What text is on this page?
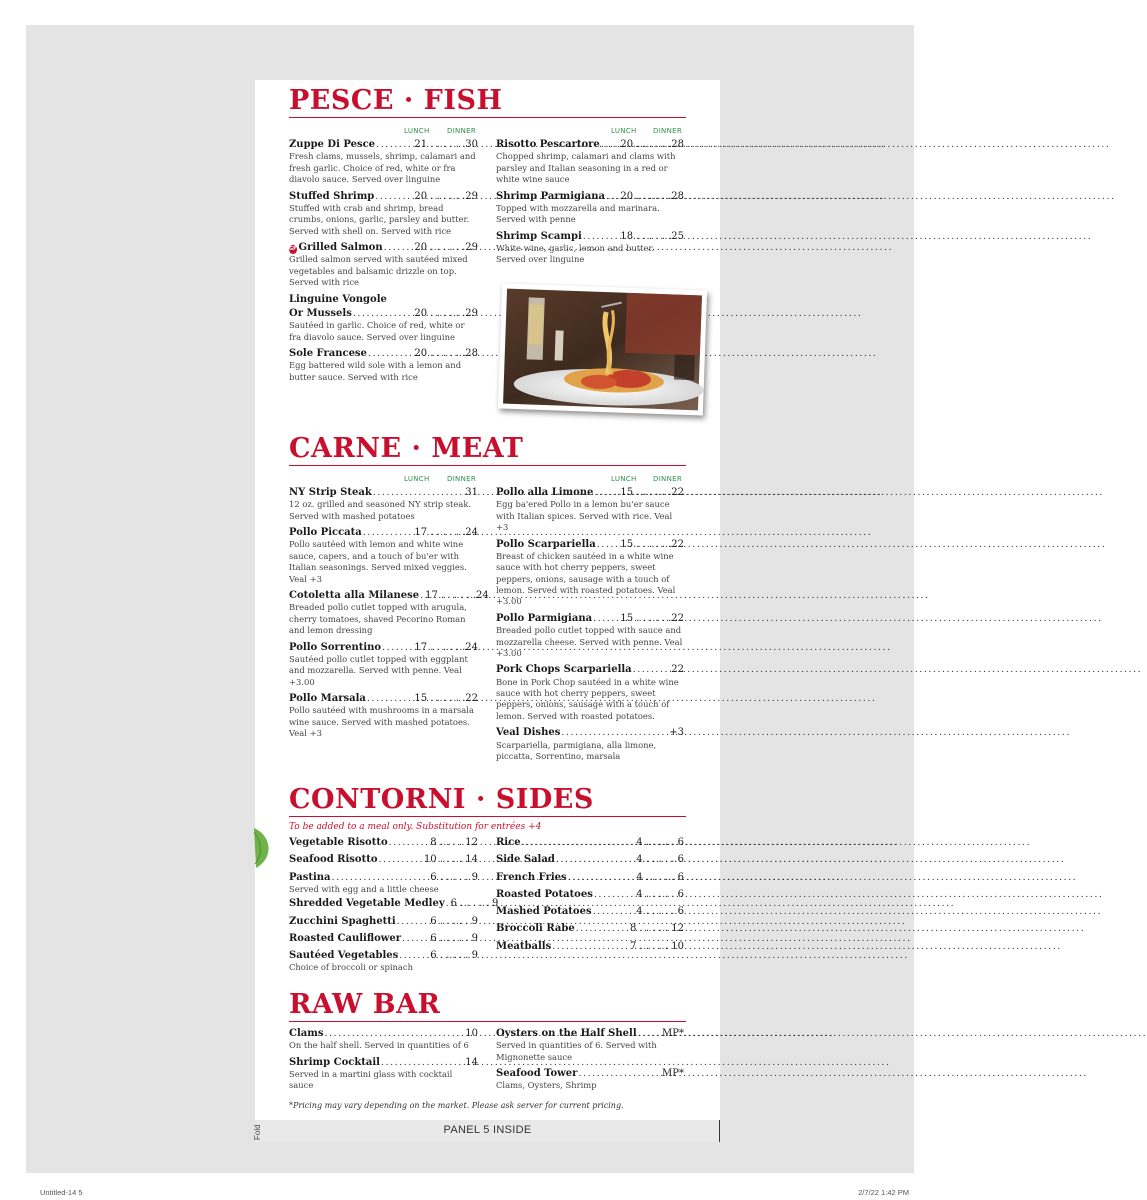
PESCE · FISH
LUNCH DINNER	LUNCH DINNER
Zuppe Di Pesce .....	21 . . . . . .30
Fresh clams, mussels, shrimp, calamari and fresh garlic. Choice of red, white or fra diavolo sauce. Served over linguine
Stuffed Shrimp .....	20 . . . . . .29
Stuffed with crab and shrimp, bread crumbs, onions, garlic, parsley and butter. Served with shell on. Served with rice
GF Grilled Salmon .....	20 . . . . . .29
Grilled salmon served with sautéed mixed vegetables and balsamic drizzle on top. Served with rice
Linguine Vongole
Or Mussels .....	20 . . . . . .29
Sautéed in garlic. Choice of red, white or fra diavolo sauce. Served over linguine
Sole Francese .....	20 . . . . . .28
Egg battered wild sole with a lemon and butter sauce. Served with rice
Risotto Pescartore ..... 20 . . . . . .28
Chopped shrimp, calamari and clams with parsley and Italian seasoning in a red or white wine sauce
Shrimp Parmigiana ..... 20 . . . . . .28
Topped with mozzarella and marinara. Served with penne
Shrimp Scampi .....	18 . . . . . .25
White wine, garlic, lemon and butter. Served over linguine
CARNE · MEAT
LUNCH DINNER	LUNCH DINNER
NY Strip Steak .....	31
12 oz. grilled and seasoned NY strip steak. Served with mashed potatoes
Pollo Piccata .....	17 . . . . . .24
Pollo sautéed with lemon and white wine sauce, capers, and a touch of bu'er with Italian seasonings. Served mixed veggies. Veal +3
Cotoletta alla Milanese ..... 17 . . . . . .24
Breaded pollo cutlet topped with arugula, cherry tomatoes, shaved Pecorino Roman and lemon dressing
Pollo Sorrentino .....	17 . . . . . .24
Sautéed pollo cutlet topped with eggplant and mozzarella. Served with penne. Veal +3.00
Pollo Marsala .....	15 . . . . . .22
Pollo sautéed with mushrooms in a marsala wine sauce. Served with mashed potatoes. Veal +3
Pollo alla Limone .....	15 . . . . . .22
Egg ba'ered Pollo in a lemon bu'er sauce with Italian spices. Served with rice. Veal +3
Pollo Scarpariella ..... 15 . . . . . .22
Breast of chicken sautéed in a white wine sauce with hot cherry peppers, sweet peppers, onions, sausage with a touch of lemon. Served with roasted potatoes. Veal +3.00
Pollo Parmigiana .....	15 . . . . . .22
Breaded pollo cutlet topped with sauce and mozzarella cheese. Served with penne. Veal +3.00
Pork Chops Scarpariella .....	22
Bone in Pork Chop sautéed in a white wine sauce with hot cherry peppers, sweet peppers, onions, sausage with a touch of lemon. Served with roasted potatoes.
Veal Dishes .....	+3
Scarpariella, parmigiana, alla limone, piccatta, Sorrentino, marsala
CONTORNI · SIDES
To be added to a meal only. Substitution for entrées +4
Vegetable Risotto .....	8 . . . . 12
Seafood Risotto .....	10 . . . . 14
Pastina .....	6 . . . . . 9
Served with egg and a little cheese
Shredded Vegetable Medley ..... 6 . . . . . 9
Zucchini Spaghetti .....	6 . . . . . 9
Roasted Cauliflower .....	6 . . . . . 9
Sautéed Vegetables .....	6 . . . . . 9
Choice of broccoli or spinach
Rice .....	4 . . . . . 6
Side Salad .....	4 . . . . . 6
French Fries .....	4 . . . . . 6
Roasted Potatoes .....	4 . . . . . 6
Mashed Potatoes .....	4 . . . . . 6
Broccoli Rabe .....	8 . . . . . 12
Meatballs .....	7 . . . . . 10
RAW BAR
Clams .....	10
On the half shell. Served in quantities of 6
Shrimp Cocktail .....	14
Served in a martini glass with cocktail sauce
Oysters on the Half Shell .....	MP*
Served in quantities of 6. Served with Mignonette sauce
Seafood Tower .....	MP*
Clams, Oysters, Shrimp
*Pricing may vary depending on the market. Please ask server for current pricing.
PANEL 5 INSIDE
Fold
Untitled-14 5	2/7/22 1:42 PM
